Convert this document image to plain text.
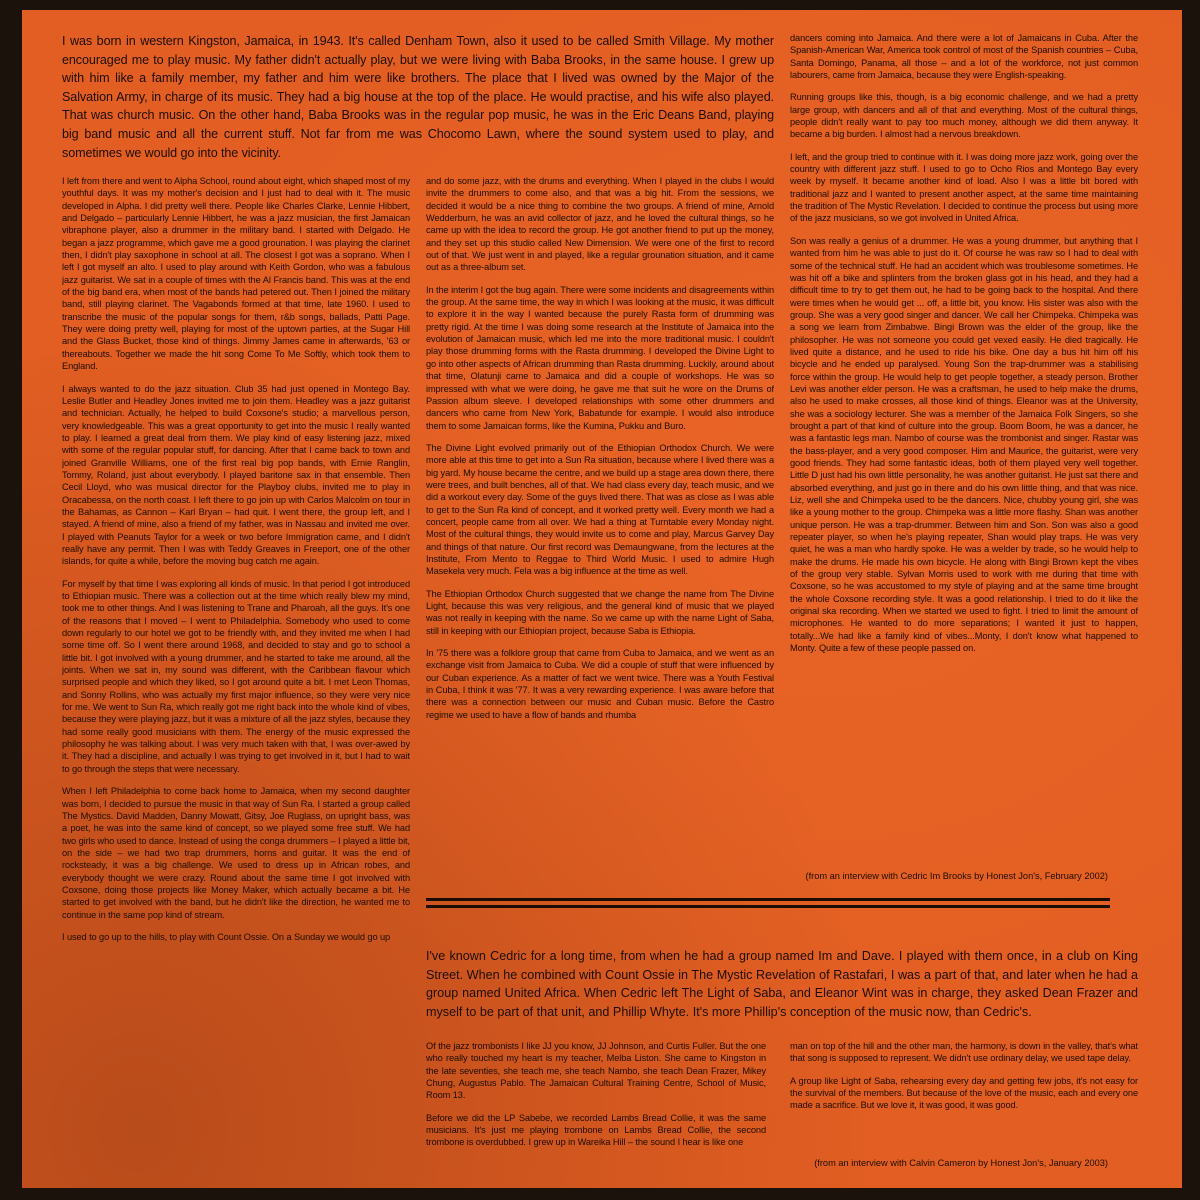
I was born in western Kingston, Jamaica, in 1943. It's called Denham Town, also it used to be called Smith Village. My mother encouraged me to play music. My father didn't actually play, but we were living with Baba Brooks, in the same house. I grew up with him like a family member, my father and him were like brothers. The place that I lived was owned by the Major of the Salvation Army, in charge of its music. They had a big house at the top of the place. He would practise, and his wife also played. That was church music. On the other hand, Baba Brooks was in the regular pop music, he was in the Eric Deans Band, playing big band music and all the current stuff. Not far from me was Chocomo Lawn, where the sound system used to play, and sometimes we would go into the vicinity.

I left from there and went to Alpha School, round about eight, which shaped most of my youthful days. It was my mother's decision and I just had to deal with it. The music developed in Alpha. I did pretty well there. People like Charles Clarke, Lennie Hibbert, and Delgado – particularly Lennie Hibbert, he was a jazz musician, the first Jamaican vibraphone player, also a drummer in the military band. I started with Delgado. He began a jazz programme, which gave me a good grounation. I was playing the clarinet then, I didn't play saxophone in school at all. The closest I got was a soprano. When I left I got myself an alto. I used to play around with Keith Gordon, who was a fabulous jazz guitarist. We sat in a couple of times with the Al Francis band. This was at the end of the big band era, when most of the bands had petered out. Then I joined the military band, still playing clarinet. The Vagabonds formed at that time, late 1960. I used to transcribe the music of the popular songs for them, r&b songs, ballads, Patti Page. They were doing pretty well, playing for most of the uptown parties, at the Sugar Hill and the Glass Bucket, those kind of things. Jimmy James came in afterwards, '63 or thereabouts. Together we made the hit song Come To Me Softly, which took them to England.

I always wanted to do the jazz situation. Club 35 had just opened in Montego Bay. Leslie Butler and Headley Jones invited me to join them. Headley was a jazz guitarist and technician. Actually, he helped to build Coxsone's studio; a marvellous person, very knowledgeable. This was a great opportunity to get into the music I really wanted to play. I learned a great deal from them. We play kind of easy listening jazz, mixed with some of the regular popular stuff, for dancing. After that I came back to town and joined Granville Williams, one of the first real big pop bands, with Ernie Ranglin, Tommy, Roland, just about everybody. I played baritone sax in that ensemble. Then Cecil Lloyd, who was musical director for the Playboy clubs, invited me to play in Oracabessa, on the north coast. I left there to go join up with Carlos Malcolm on tour in the Bahamas, as Cannon – Karl Bryan – had quit. I went there, the group left, and I stayed. A friend of mine, also a friend of my father, was in Nassau and invited me over. I played with Peanuts Taylor for a week or two before Immigration came, and I didn't really have any permit. Then I was with Teddy Greaves in Freeport, one of the other islands, for quite a while, before the moving bug catch me again.

For myself by that time I was exploring all kinds of music. In that period I got introduced to Ethiopian music. There was a collection out at the time which really blew my mind, took me to other things. And I was listening to Trane and Pharoah, all the guys. It's one of the reasons that I moved – I went to Philadelphia. Somebody who used to come down regularly to our hotel we got to be friendly with, and they invited me when I had some time off. So I went there around 1968, and decided to stay and go to school a little bit. I got involved with a young drummer, and he started to take me around, all the joints. When we sat in, my sound was different, with the Caribbean flavour which surprised people and which they liked, so I got around quite a bit. I met Leon Thomas, and Sonny Rollins, who was actually my first major influence, so they were very nice for me. We went to Sun Ra, which really got me right back into the whole kind of vibes, because they were playing jazz, but it was a mixture of all the jazz styles, because they had some really good musicians with them. The energy of the music expressed the philosophy he was talking about. I was very much taken with that, I was over-awed by it. They had a discipline, and actually I was trying to get involved in it, but I had to wait to go through the steps that were necessary.

When I left Philadelphia to come back home to Jamaica, when my second daughter was born, I decided to pursue the music in that way of Sun Ra. I started a group called The Mystics. David Madden, Danny Mowatt, Gitsy, Joe Ruglass, on upright bass, was a poet, he was into the same kind of concept, so we played some free stuff. We had two girls who used to dance. Instead of using the conga drummers – I played a little bit, on the side – we had two trap drummers, horns and guitar. It was the end of rocksteady, it was a big challenge. We used to dress up in African robes, and everybody thought we were crazy. Round about the same time I got involved with Coxsone, doing those projects like Money Maker, which actually became a bit. He started to get involved with the band, but he didn't like the direction, he wanted me to continue in the same pop kind of stream.

I used to go up to the hills, to play with Count Ossie. On a Sunday we would go up

and do some jazz, with the drums and everything. When I played in the clubs I would invite the drummers to come also, and that was a big hit. From the sessions, we decided it would be a nice thing to combine the two groups. A friend of mine, Arnold Wedderburn, he was an avid collector of jazz, and he loved the cultural things, so he came up with the idea to record the group. He got another friend to put up the money, and they set up this studio called New Dimension. We were one of the first to record out of that. We just went in and played, like a regular grounation situation, and it came out as a three-album set.

In the interim I got the bug again. There were some incidents and disagreements within the group. At the same time, the way in which I was looking at the music, it was difficult to explore it in the way I wanted because the purely Rasta form of drumming was pretty rigid. At the time I was doing some research at the Institute of Jamaica into the evolution of Jamaican music, which led me into the more traditional music. I couldn't play those drumming forms with the Rasta drumming. I developed the Divine Light to go into other aspects of African drumming than Rasta drumming. Luckily, around about that time, Olatunji came to Jamaica and did a couple of workshops. He was so impressed with what we were doing, he gave me that suit he wore on the Drums of Passion album sleeve. I developed relationships with some other drummers and dancers who came from New York, Babatunde for example. I would also introduce them to some Jamaican forms, like the Kumina, Pukku and Buro.

The Divine Light evolved primarily out of the Ethiopian Orthodox Church. We were more able at this time to get into a Sun Ra situation, because where I lived there was a big yard. My house became the centre, and we build up a stage area down there, there were trees, and built benches, all of that. We had class every day, teach music, and we did a workout every day. Some of the guys lived there. That was as close as I was able to get to the Sun Ra kind of concept, and it worked pretty well. Every month we had a concert, people came from all over. We had a thing at Turntable every Monday night. Most of the cultural things, they would invite us to come and play, Marcus Garvey Day and things of that nature. Our first record was Demaungwane, from the lectures at the Institute, From Mento to Reggae to Third World Music. I used to admire Hugh Masekela very much. Fela was a big influence at the time as well.

The Ethiopian Orthodox Church suggested that we change the name from The Divine Light, because this was very religious, and the general kind of music that we played was not really in keeping with the name. So we came up with the name Light of Saba, still in keeping with our Ethiopian project, because Saba is Ethiopia.

In '75 there was a folklore group that came from Cuba to Jamaica, and we went as an exchange visit from Jamaica to Cuba. We did a couple of stuff that were influenced by our Cuban experience. As a matter of fact we went twice. There was a Youth Festival in Cuba, I think it was '77. It was a very rewarding experience. I was aware before that there was a connection between our music and Cuban music. Before the Castro regime we used to have a flow of bands and rhumba

dancers coming into Jamaica. And there were a lot of Jamaicans in Cuba. After the Spanish-American War, America took control of most of the Spanish countries – Cuba, Santa Domingo, Panama, all those – and a lot of the workforce, not just common labourers, came from Jamaica, because they were English-speaking.

Running groups like this, though, is a big economic challenge, and we had a pretty large group, with dancers and all of that and everything. Most of the cultural things, people didn't really want to pay too much money, although we did them anyway. It became a big burden. I almost had a nervous breakdown.

I left, and the group tried to continue with it. I was doing more jazz work, going over the country with different jazz stuff. I used to go to Ocho Rios and Montego Bay every week by myself. It became another kind of load. Also I was a little bit bored with traditional jazz and I wanted to present another aspect, at the same time maintaining the tradition of The Mystic Revelation. I decided to continue the process but using more of the jazz musicians, so we got involved in United Africa.

Son was really a genius of a drummer. He was a young drummer, but anything that I wanted from him he was able to just do it. Of course he was raw so I had to deal with some of the technical stuff. He had an accident which was troublesome sometimes. He was hit off a bike and splinters from the broken glass got in his head, and they had a difficult time to try to get them out, he had to be going back to the hospital. And there were times when he would get ... off, a little bit, you know. His sister was also with the group. She was a very good singer and dancer. We call her Chimpeka. Chimpeka was a song we learn from Zimbabwe. Bingi Brown was the elder of the group, like the philosopher. He was not someone you could get vexed easily. He died tragically. He lived quite a distance, and he used to ride his bike. One day a bus hit him off his bicycle and he ended up paralysed. Young Son the trap-drummer was a stabilising force within the group. He would help to get people together, a steady person. Brother Levi was another elder person. He was a craftsman, he used to help make the drums, also he used to make crosses, all those kind of things. Eleanor was at the University, she was a sociology lecturer. She was a member of the Jamaica Folk Singers, so she brought a part of that kind of culture into the group. Boom Boom, he was a dancer, he was a fantastic legs man. Nambo of course was the trombonist and singer. Rastar was the bass-player, and a very good composer. Him and Maurice, the guitarist, were very good friends. They had some fantastic ideas, both of them played very well together. Little D just had his own little personality, he was another guitarist. He just sat there and absorbed everything, and just go in there and do his own little thing, and that was nice. Liz, well she and Chimpeka used to be the dancers. Nice, chubby young girl, she was like a young mother to the group. Chimpeka was a little more flashy. Shan was another unique person. He was a trap-drummer. Between him and Son. Son was also a good repeater player, so when he's playing repeater, Shan would play traps. He was very quiet, he was a man who hardly spoke. He was a welder by trade, so he would help to make the drums. He made his own bicycle. He along with Bingi Brown kept the vibes of the group very stable. Sylvan Morris used to work with me during that time with Coxsone, so he was accustomed to my style of playing and at the same time brought the whole Coxsone recording style. It was a good relationship. I tried to do it like the original ska recording. When we started we used to fight. I tried to limit the amount of microphones. He wanted to do more separations; I wanted it just to happen, totally...We had like a family kind of vibes...Monty, I don't know what happened to Monty. Quite a few of these people passed on.

(from an interview with Cedric Im Brooks by Honest Jon's, February 2002)

I've known Cedric for a long time, from when he had a group named Im and Dave. I played with them once, in a club on King Street. When he combined with Count Ossie in The Mystic Revelation of Rastafari, I was a part of that, and later when he had a group named United Africa. When Cedric left The Light of Saba, and Eleanor Wint was in charge, they asked Dean Frazer and myself to be part of that unit, and Phillip Whyte. It's more Phillip's conception of the music now, than Cedric's.

Of the jazz trombonists I like JJ you know, JJ Johnson, and Curtis Fuller. But the one who really touched my heart is my teacher, Melba Liston. She came to Kingston in the late seventies, she teach me, she teach Nambo, she teach Dean Frazer, Mikey Chung, Augustus Pablo. The Jamaican Cultural Training Centre, School of Music, Room 13.

Before we did the LP Sabebe, we recorded Lambs Bread Collie, it was the same musicians. It's just me playing trombone on Lambs Bread Collie, the second trombone is overdubbed. I grew up in Wareika Hill – the sound I hear is like one

man on top of the hill and the other man, the harmony, is down in the valley, that's what that song is supposed to represent. We didn't use ordinary delay, we used tape delay.

A group like Light of Saba, rehearsing every day and getting few jobs, it's not easy for the survival of the members. But because of the love of the music, each and every one made a sacrifice. But we love it, it was good, it was good.

(from an interview with Calvin Cameron by Honest Jon's, January 2003)
